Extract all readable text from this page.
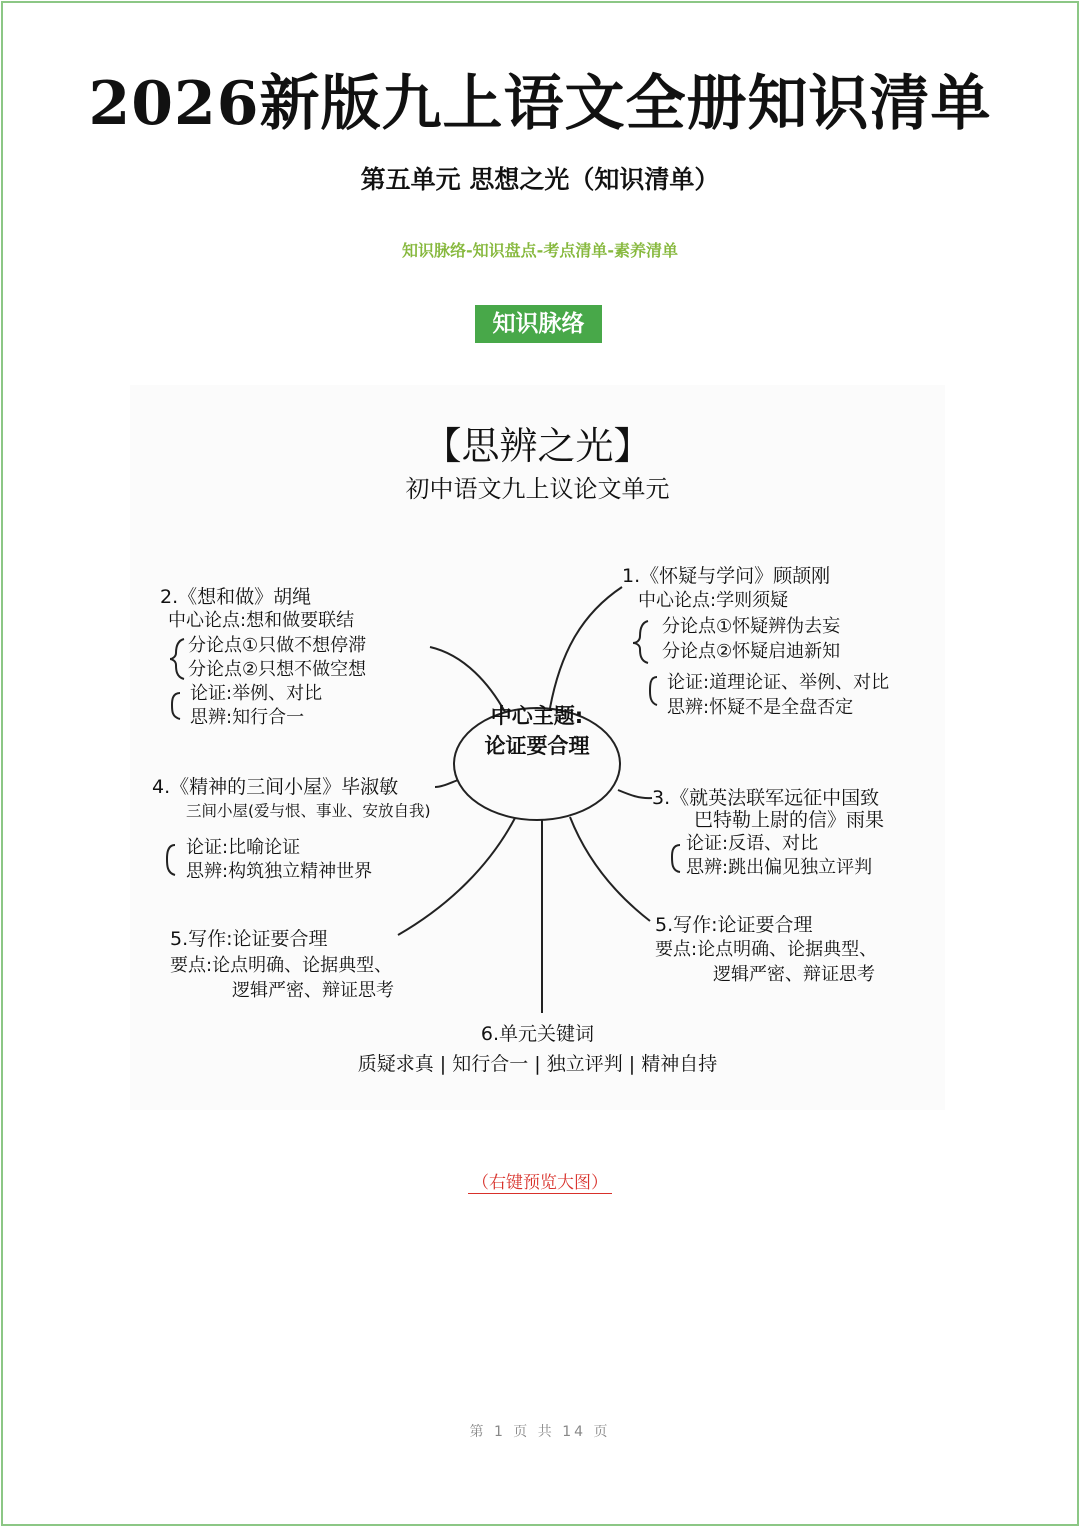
2026新版九上语文全册知识清单
第五单元 思想之光（知识清单）
知识脉络-知识盘点-考点清单-素养清单
知识脉络
【思辨之光】
初中语文九上议论文单元
中心主题:
论证要合理
1.《怀疑与学问》顾颉刚
中心论点:学则须疑
分论点①怀疑辨伪去妄
分论点②怀疑启迪新知
论证:道理论证、举例、对比
思辨:怀疑不是全盘否定
2.《想和做》胡绳
中心论点:想和做要联结
分论点①只做不想停滞
分论点②只想不做空想
论证:举例、对比
思辨:知行合一
3.《就英法联军远征中国致
巴特勒上尉的信》雨果
论证:反语、对比
思辨:跳出偏见独立评判
4.《精神的三间小屋》毕淑敏
三间小屋(爱与恨、事业、安放自我)
论证:比喻论证
思辨:构筑独立精神世界
5.写作:论证要合理
要点:论点明确、论据典型、
逻辑严密、辩证思考
5.写作:论证要合理
要点:论点明确、论据典型、
逻辑严密、辩证思考
6.单元关键词
质疑求真 | 知行合一 | 独立评判 | 精神自持
（右键预览大图）
第 1 页 共 14 页
